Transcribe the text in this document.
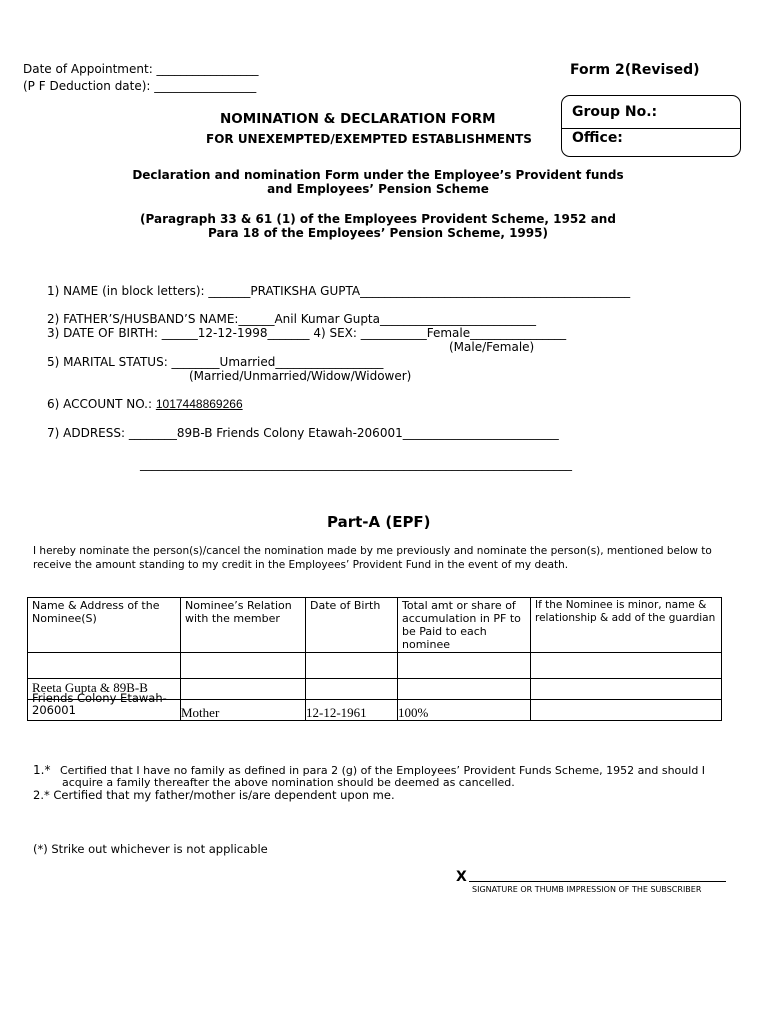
Date of Appointment: _________________
(P F Deduction date): _________________
Form 2(Revised)
Group No.:
Office:
NOMINATION & DECLARATION FORM
FOR UNEXEMPTED/EXEMPTED ESTABLISHMENTS
Declaration and nomination Form under the Employee’s Provident funds
and Employees’ Pension Scheme
(Paragraph 33 & 61 (1) of the Employees Provident Scheme, 1952 and
Para 18 of the Employees’ Pension Scheme, 1995)
1) NAME (in block letters): _______PRATIKSHA GUPTA_____________________________________________
2) FATHER’S/HUSBAND’S NAME:______Anil Kumar Gupta__________________________
3) DATE OF BIRTH: ______12-12-1998_______ 4) SEX: ___________Female________________
(Male/Female)
5) MARITAL STATUS: ________Umarried__________________
(Married/Unmarried/Widow/Widower)
6) ACCOUNT NO.: 1017448869266
7) ADDRESS: ________89B-B Friends Colony Etawah-206001__________________________
________________________________________________________________________
Part-A (EPF)
I hereby nominate the person(s)/cancel the nomination made by me previously and nominate the person(s), mentioned below to
receive the amount standing to my credit in the Employees’ Provident Fund in the event of my death.
Name & Address of the Nominee(S)	Nominee’s Relation with the member	Date of Birth	Total amt or share of accumulation in PF to be Paid to each nominee	If the Nominee is minor, name & relationship & add of the guardian

Reeta Gupta & 89B-B				

Friends Colony Etawah-
206001	Mother	12-12-1961	100%	
1.* Certified that I have no family as defined in para 2 (g) of the Employees’ Provident Funds Scheme, 1952 and should I
acquire a family thereafter the above nomination should be deemed as cancelled.
2.* Certified that my father/mother is/are dependent upon me.
(*) Strike out whichever is not applicable
X
SIGNATURE OR THUMB IMPRESSION OF THE SUBSCRIBER
